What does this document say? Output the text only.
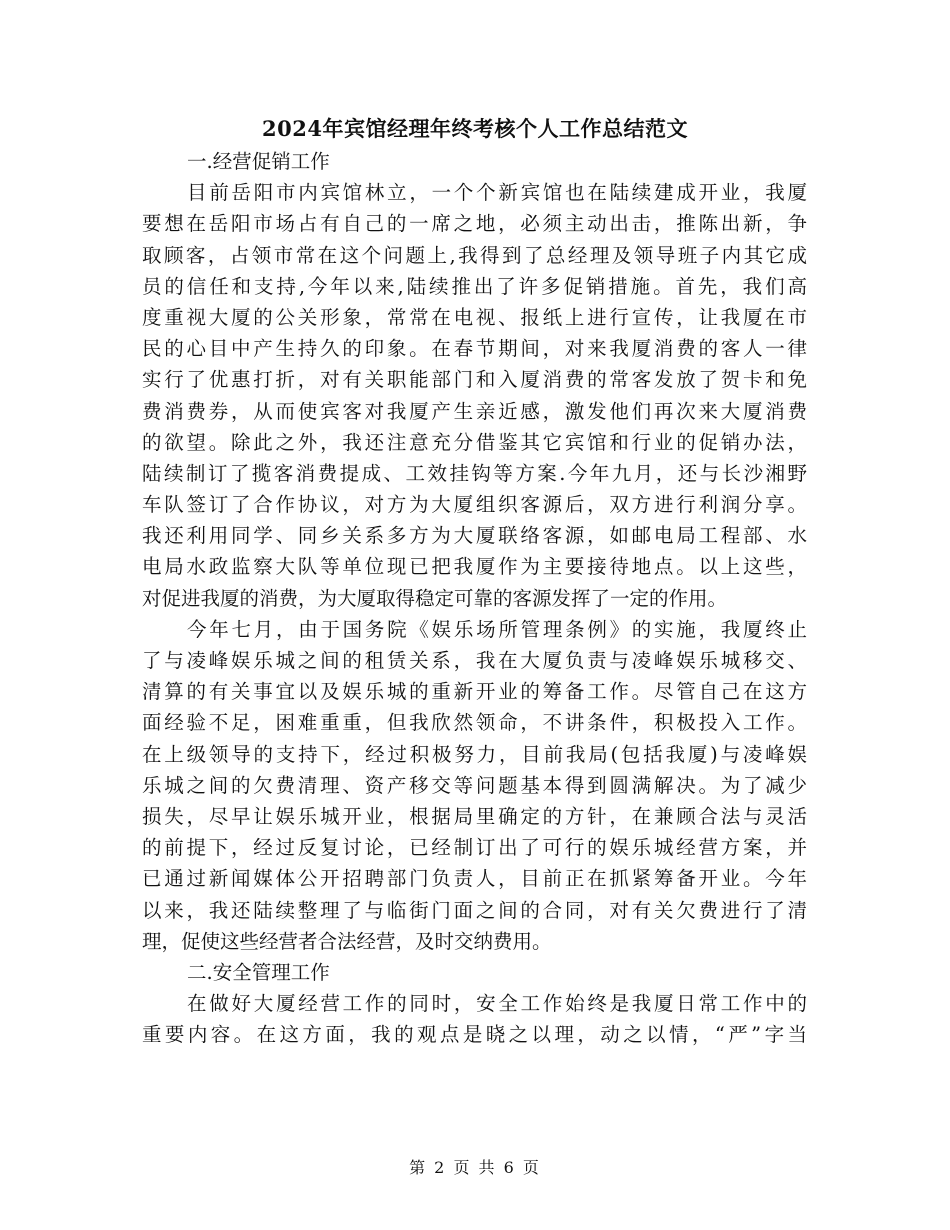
2024年宾馆经理年终考核个人工作总结范文
一.经营促销工作
目前岳阳市内宾馆林立，一个个新宾馆也在陆续建成开业，我厦
要想在岳阳市场占有自己的一席之地，必须主动出击，推陈出新，争
取顾客，占领市常在这个问题上,我得到了总经理及领导班子内其它成
员的信任和支持,今年以来,陆续推出了许多促销措施。首先，我们高
度重视大厦的公关形象，常常在电视、报纸上进行宣传，让我厦在市
民的心目中产生持久的印象。在春节期间，对来我厦消费的客人一律
实行了优惠打折，对有关职能部门和入厦消费的常客发放了贺卡和免
费消费券，从而使宾客对我厦产生亲近感，激发他们再次来大厦消费
的欲望。除此之外，我还注意充分借鉴其它宾馆和行业的促销办法，
陆续制订了揽客消费提成、工效挂钩等方案.今年九月，还与长沙湘野
车队签订了合作协议，对方为大厦组织客源后，双方进行利润分享。
我还利用同学、同乡关系多方为大厦联络客源，如邮电局工程部、水
电局水政监察大队等单位现已把我厦作为主要接待地点。以上这些，
对促进我厦的消费，为大厦取得稳定可靠的客源发挥了一定的作用。
今年七月，由于国务院《娱乐场所管理条例》的实施，我厦终止
了与凌峰娱乐城之间的租赁关系，我在大厦负责与凌峰娱乐城移交、
清算的有关事宜以及娱乐城的重新开业的筹备工作。尽管自己在这方
面经验不足，困难重重，但我欣然领命，不讲条件，积极投入工作。
在上级领导的支持下，经过积极努力，目前我局(包括我厦)与凌峰娱
乐城之间的欠费清理、资产移交等问题基本得到圆满解决。为了减少
损失，尽早让娱乐城开业，根据局里确定的方针，在兼顾合法与灵活
的前提下，经过反复讨论，已经制订出了可行的娱乐城经营方案，并
已通过新闻媒体公开招聘部门负责人，目前正在抓紧筹备开业。今年
以来，我还陆续整理了与临街门面之间的合同，对有关欠费进行了清
理，促使这些经营者合法经营，及时交纳费用。
二.安全管理工作
在做好大厦经营工作的同时，安全工作始终是我厦日常工作中的
重要内容。在这方面，我的观点是晓之以理，动之以情，“严”字当
第 2 页 共 6 页
